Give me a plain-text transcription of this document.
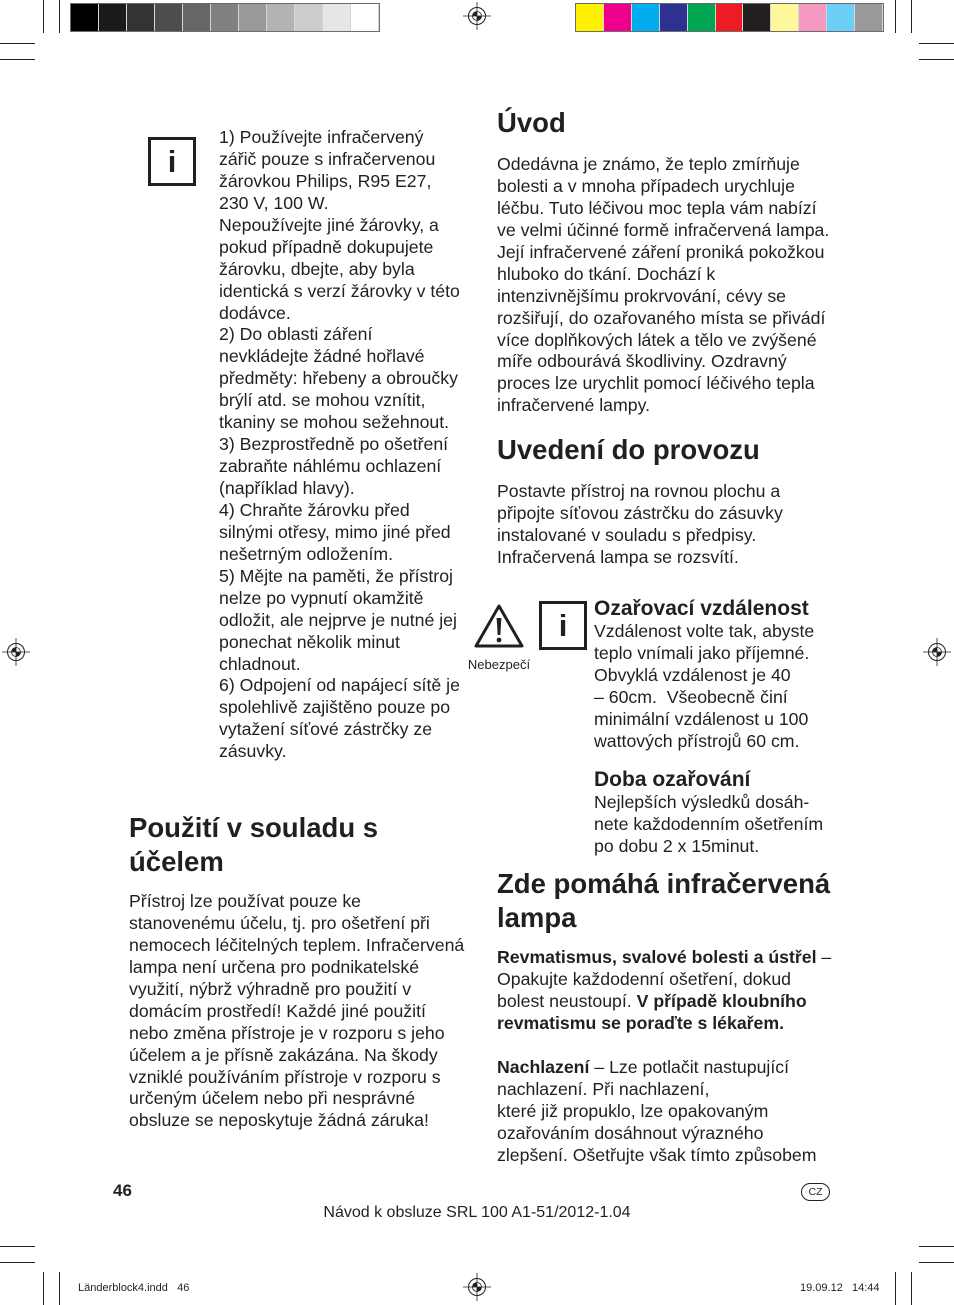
i
1) Používejte infračervený
zářič pouze s infračervenou
žárovkou Philips, R95 E27,
230 V, 100 W.
Nepoužívejte jiné žárovky, a
pokud případně dokupujete
žárovku, dbejte, aby byla
identická s verzí žárovky v této
dodávce.
2) Do oblasti záření
nevkládejte žádné hořlavé
předměty: hřebeny a obroučky
brýlí atd. se mohou vznítit,
tkaniny se mohou sežehnout.
3) Bezprostředně po ošetření
zabraňte náhlému ochlazení
(například hlavy).
4) Chraňte žárovku před
silnými otřesy, mimo jiné před
nešetrným odložením.
5) Mějte na paměti, že přístroj
nelze po vypnutí okamžitě
odložit, ale nejprve je nutné jej
ponechat několik minut
chladnout.
6) Odpojení od napájecí sítě je
spolehlivě zajištěno pouze po
vytažení síťové zástrčky ze
zásuvky.
Použití v souladu s
účelem
Přístroj lze používat pouze ke
stanovenému účelu, tj. pro ošetření při
nemocech léčitelných teplem. Infračervená
lampa není určena pro podnikatelské
využití, nýbrž výhradně pro použití v
domácím prostředí! Každé jiné použití
nebo změna přístroje je v rozporu s jeho
účelem a je přísně zakázána. Na škody
vzniklé používáním přístroje v rozporu s
určeným účelem nebo při nesprávné
obsluze se neposkytuje žádná záruka!
Úvod
Odedávna je známo, že teplo zmírňuje
bolesti a v mnoha případech urychluje
léčbu. Tuto léčivou moc tepla vám nabízí
ve velmi účinné formě infračervená lampa.
Její infračervené záření proniká pokožkou
hluboko do tkání. Dochází k
intenzivnějšímu prokrvování, cévy se
rozšiřují, do ozařovaného místa se přivádí
více doplňkových látek a tělo ve zvýšené
míře odbourává škodliviny. Ozdravný
proces lze urychlit pomocí léčivého tepla
infračervené lampy.
Uvedení do provozu
Postavte přístroj na rovnou plochu a
připojte síťovou zástrčku do zásuvky
instalované v souladu s předpisy.
Infračervená lampa se rozsvítí.
Nebezpečí
i	Ozařovací vzdálenost
Vzdálenost volte tak, abyste
teplo vnímali jako příjemné.
Obvyklá vzdálenost je 40
– 60cm.  Všeobecně činí
minimální vzdálenost u 100
wattových přístrojů 60 cm.
Doba ozařování
Nejlepších výsledků dosáh-
nete každodenním ošetřením
po dobu 2 x 15minut.
Zde pomáhá infračervená
lampa
Revmatismus, svalové bolesti a ústřel –
Opakujte každodenní ošetření, dokud
bolest neustoupí. V případě kloubního
revmatismu se poraďte s lékařem.
Nachlazení – Lze potlačit nastupující
nachlazení. Při nachlazení,
které již propuklo, lze opakovaným
ozařováním dosáhnout výrazného
zlepšení. Ošetřujte však tímto způsobem
46	CZ
Návod k obsluze SRL 100 A1-51/2012-1.04
Länderblock4.indd   46	19.09.12   14:44
